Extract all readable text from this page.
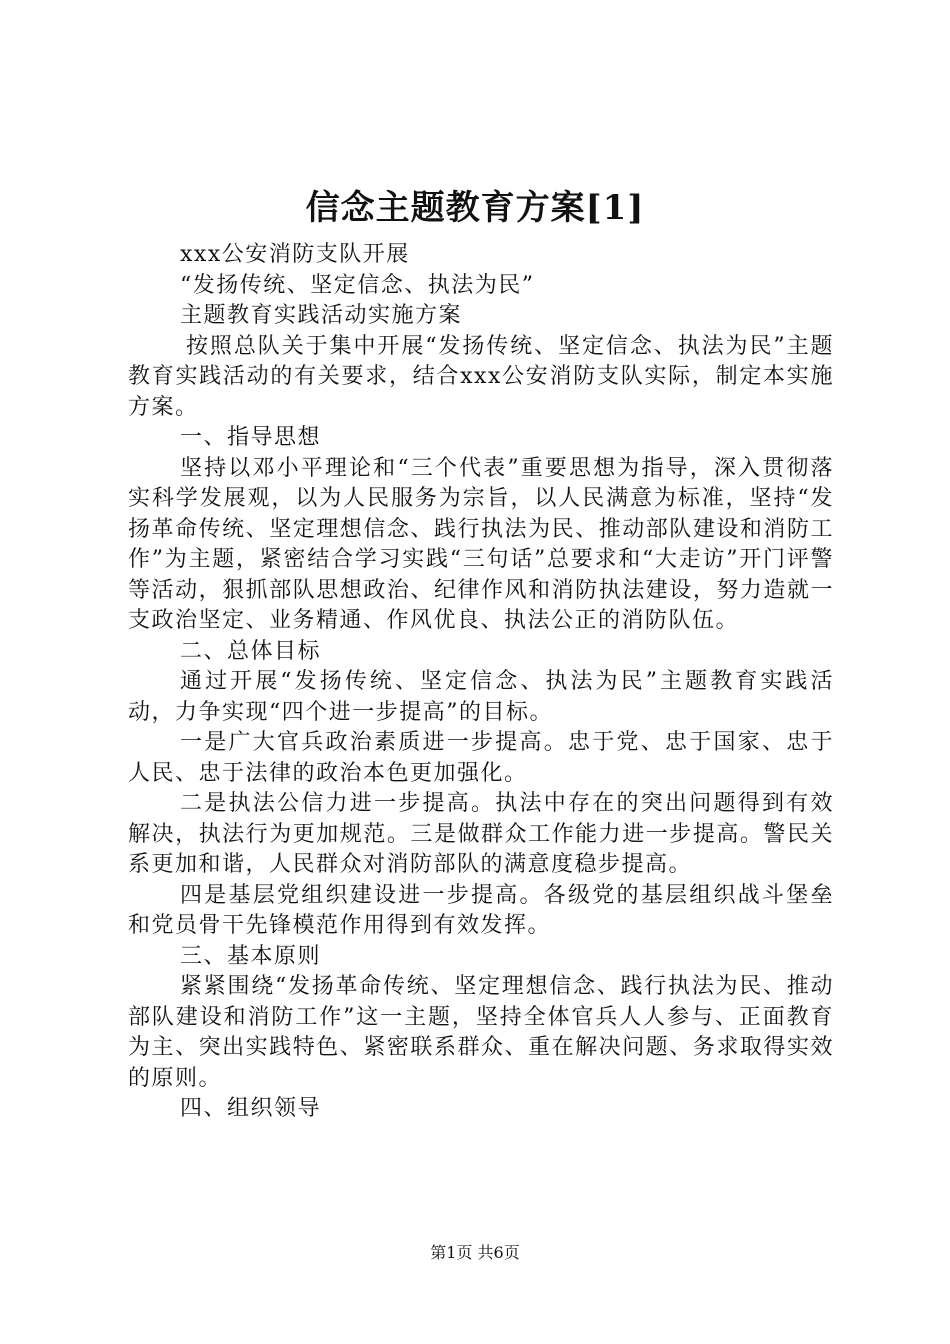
信念主题教育方案[1]

xxx公安消防支队开展

“发扬传统、坚定信念、执法为民”

主题教育实践活动实施方案

按照总队关于集中开展“发扬传统、坚定信念、执法为民”主题教育实践活动的有关要求，结合xxx公安消防支队实际，制定本实施方案。

一、指导思想

坚持以邓小平理论和“三个代表”重要思想为指导，深入贯彻落实科学发展观，以为人民服务为宗旨，以人民满意为标准，坚持“发扬革命传统、坚定理想信念、践行执法为民、推动部队建设和消防工作”为主题，紧密结合学习实践“三句话”总要求和“大走访”开门评警等活动，狠抓部队思想政治、纪律作风和消防执法建设，努力造就一支政治坚定、业务精通、作风优良、执法公正的消防队伍。

二、总体目标

通过开展“发扬传统、坚定信念、执法为民”主题教育实践活动，力争实现“四个进一步提高”的目标。

一是广大官兵政治素质进一步提高。忠于党、忠于国家、忠于人民、忠于法律的政治本色更加强化。

二是执法公信力进一步提高。执法中存在的突出问题得到有效解决，执法行为更加规范。三是做群众工作能力进一步提高。警民关系更加和谐，人民群众对消防部队的满意度稳步提高。

四是基层党组织建设进一步提高。各级党的基层组织战斗堡垒和党员骨干先锋模范作用得到有效发挥。

三、基本原则

紧紧围绕“发扬革命传统、坚定理想信念、践行执法为民、推动部队建设和消防工作”这一主题，坚持全体官兵人人参与、正面教育为主、突出实践特色、紧密联系群众、重在解决问题、务求取得实效的原则。

四、组织领导

第1页 共6页
